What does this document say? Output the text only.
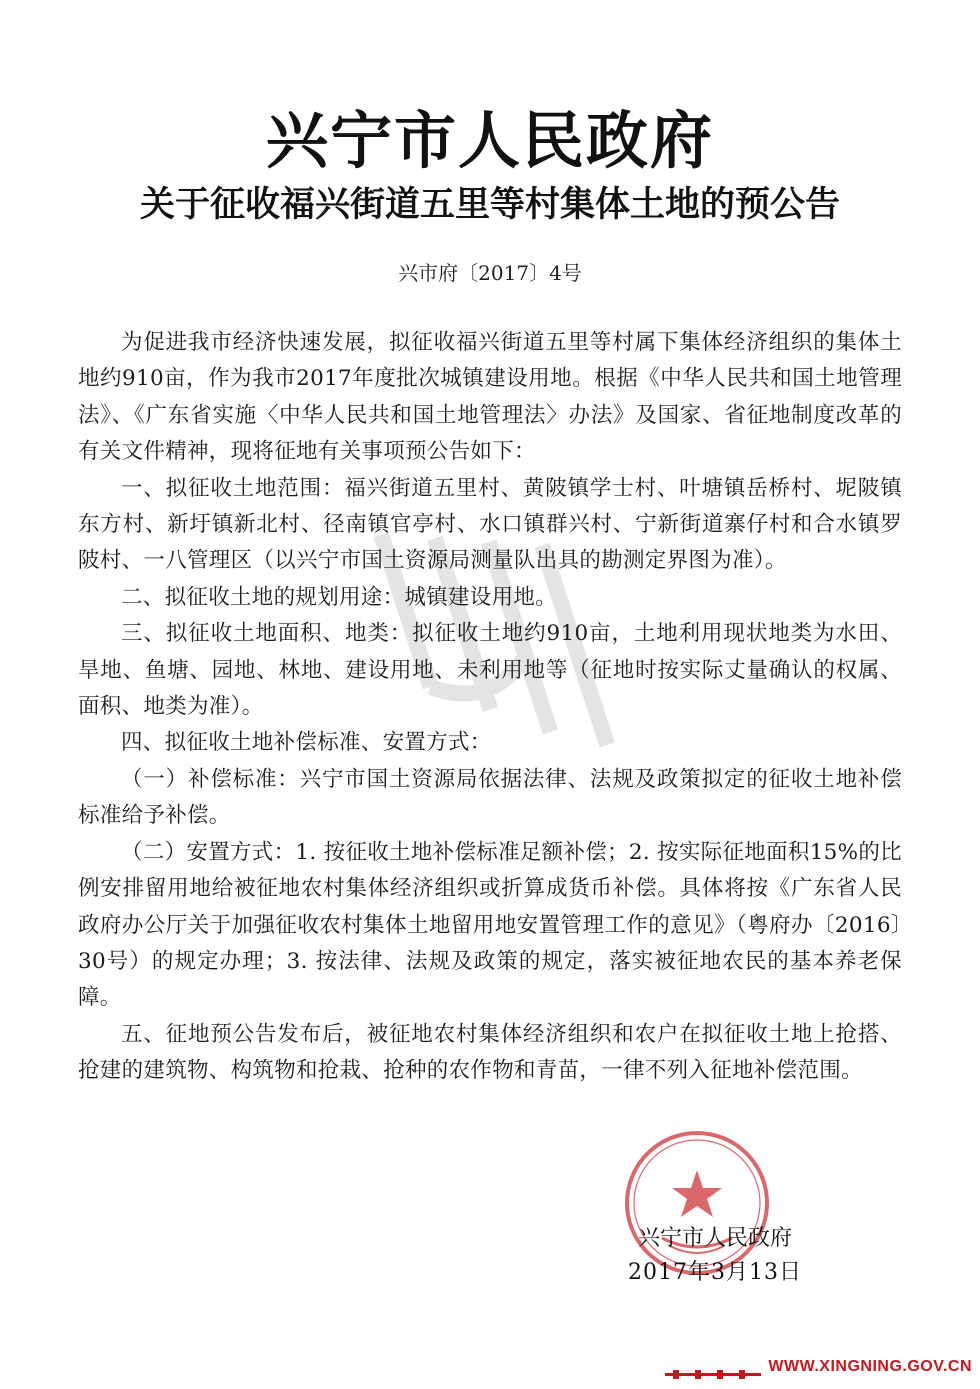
兴宁市人民政府
关于征收福兴街道五里等村集体土地的预公告
兴市府〔2017〕4号

为促进我市经济快速发展，拟征收福兴街道五里等村属下集体经济组织的集体土地约910亩，作为我市2017年度批次城镇建设用地。根据《中华人民共和国土地管理法》、《广东省实施〈中华人民共和国土地管理法〉办法》及国家、省征地制度改革的有关文件精神，现将征地有关事项预公告如下：

一、拟征收土地范围：福兴街道五里村、黄陂镇学士村、叶塘镇岳桥村、坭陂镇东方村、新圩镇新北村、径南镇官亭村、水口镇群兴村、宁新街道寨仔村和合水镇罗陂村、一八管理区（以兴宁市国土资源局测量队出具的勘测定界图为准）。

二、拟征收土地的规划用途：城镇建设用地。

三、拟征收土地面积、地类：拟征收土地约910亩，土地利用现状地类为水田、旱地、鱼塘、园地、林地、建设用地、未利用地等（征地时按实际丈量确认的权属、面积、地类为准）。

四、拟征收土地补偿标准、安置方式：

（一）补偿标准：兴宁市国土资源局依据法律、法规及政策拟定的征收土地补偿标准给予补偿。

（二）安置方式：1. 按征收土地补偿标准足额补偿；2. 按实际征地面积15%的比例安排留用地给被征地农村集体经济组织或折算成货币补偿。具体将按《广东省人民政府办公厅关于加强征收农村集体土地留用地安置管理工作的意见》（粤府办〔2016〕30号）的规定办理；3. 按法律、法规及政策的规定，落实被征地农民的基本养老保障。

五、征地预公告发布后，被征地农村集体经济组织和农户在拟征收土地上抢搭、抢建的建筑物、构筑物和抢栽、抢种的农作物和青苗，一律不列入征地补偿范围。

兴宁市人民政府
2017年3月13日
WWW.XINGNING.GOV.CN
